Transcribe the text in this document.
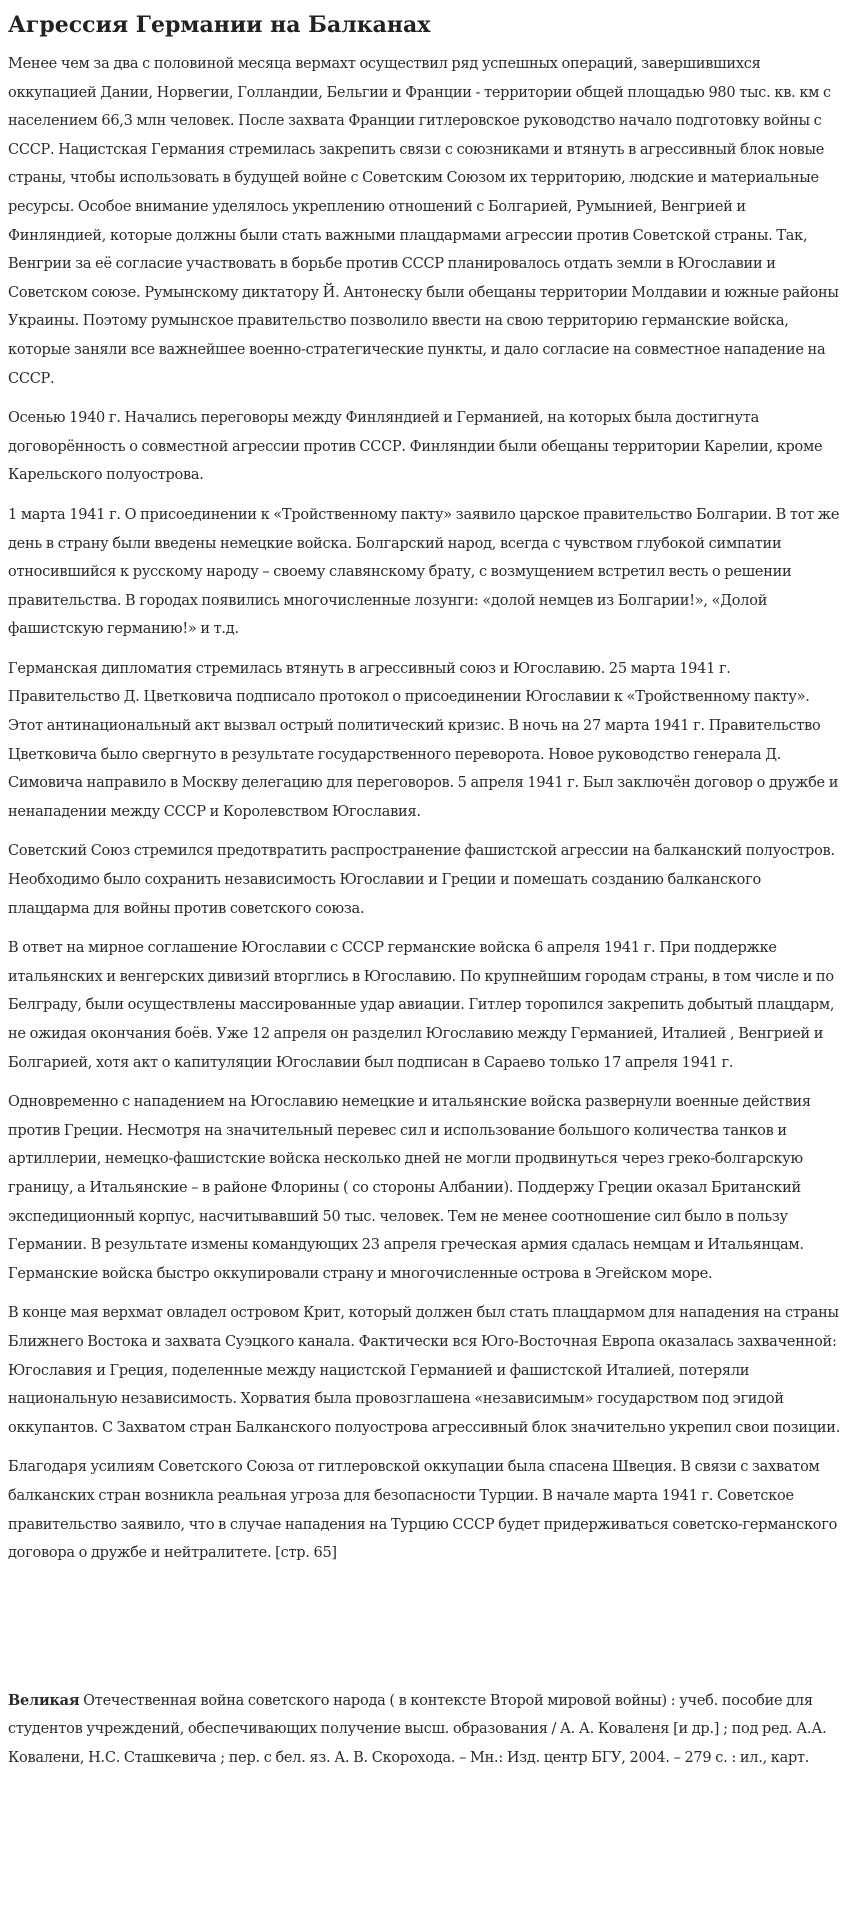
Агрессия Германии на Балканах

Менее чем за два с половиной месяца вермахт осуществил ряд успешных операций, завершившихся оккупацией Дании, Норвегии, Голландии, Бельгии и Франции - территории общей площадью 980 тыс. кв. км с населением 66,3 млн человек. После захвата Франции гитлеровское руководство начало подготовку войны с СССР. Нацистская Германия стремилась закрепить связи с союзниками и втянуть в агрессивный блок новые страны, чтобы использовать в будущей войне с Советским Союзом их территорию, людские и материальные ресурсы. Особое внимание уделялось укреплению отношений с Болгарией, Румынией, Венгрией и Финляндией, которые должны были стать важными плацдармами агрессии против Советской страны. Так, Венгрии за её согласие участвовать в борьбе против СССР планировалось отдать земли в Югославии и Советском союзе. Румынскому диктатору Й. Антонеску были обещаны территории Молдавии и южные районы Украины. Поэтому румынское правительство позволило ввести на свою территорию германские войска, которые заняли все важнейшее военно-стратегические пункты, и дало согласие на совместное нападение на СССР.

Осенью 1940 г. Начались переговоры между Финляндией и Германией, на которых была достигнута договорённость о совместной агрессии против СССР. Финляндии были обещаны территории Карелии, кроме Карельского полуострова.

1 марта 1941 г. О присоединении к «Тройственному пакту» заявило царское правительство Болгарии. В тот же день в страну были введены немецкие войска. Болгарский народ, всегда с чувством глубокой симпатии относившийся к русскому народу – своему славянскому брату, с возмущением встретил весть о решении правительства. В городах появились многочисленные лозунги: «долой немцев из Болгарии!», «Долой фашистскую германию!» и т.д.

Германская дипломатия стремилась втянуть в агрессивный союз и Югославию. 25 марта 1941 г. Правительство Д. Цветковича подписало протокол о присоединении Югославии к «Тройственному пакту». Этот антинациональный акт вызвал острый политический кризис. В ночь на 27 марта 1941 г. Правительство Цветковича было свергнуто в результате государственного переворота. Новое руководство генерала Д. Симовича направило в Москву делегацию для переговоров. 5 апреля 1941 г. Был заключён договор о дружбе и ненападении между СССР и Королевством Югославия.

Советский Союз стремился предотвратить распространение фашистской агрессии на балканский полуостров. Необходимо было сохранить независимость Югославии и Греции и помешать созданию балканского плацдарма для войны против советского союза.

В ответ на мирное соглашение Югославии с СССР германские войска 6 апреля 1941 г. При поддержке итальянских и венгерских дивизий вторглись в Югославию. По крупнейшим городам страны, в том числе и по Белграду, были осуществлены массированные удар авиации. Гитлер торопился закрепить добытый плацдарм, не ожидая окончания боёв. Уже 12 апреля он разделил Югославию между Германией, Италией , Венгрией и Болгарией, хотя акт о капитуляции Югославии был подписан в Сараево только 17 апреля 1941 г.

Одновременно с нападением на Югославию немецкие и итальянские войска развернули военные действия против Греции. Несмотря на значительный перевес сил и использование большого количества танков и артиллерии, немецко-фашистские войска несколько дней не могли продвинуться через греко-болгарскую границу, а Итальянские – в районе Флорины ( со стороны Албании). Поддержу Греции оказал Британский экспедиционный корпус, насчитывавший 50 тыс. человек. Тем не менее соотношение сил было в пользу Германии. В результате измены командующих 23 апреля греческая армия сдалась немцам и Итальянцам. Германские войска быстро оккупировали страну и многочисленные острова в Эгейском море.

В конце мая верхмат овладел островом Крит, который должен был стать плацдармом для нападения на страны Ближнего Востока и захвата Суэцкого канала. Фактически вся Юго-Восточная Европа оказалась захваченной: Югославия и Греция, поделенные между нацистской Германией и фашистской Италией, потеряли национальную независимость. Хорватия была провозглашена «независимым» государством под эгидой оккупантов. С Захватом стран Балканского полуострова агрессивный блок значительно укрепил свои позиции.

Благодаря усилиям Советского Союза от гитлеровской оккупации была спасена Швеция. В связи с захватом балканских стран возникла реальная угроза для безопасности Турции. В начале марта 1941 г. Советское правительство заявило, что в случае нападения на Турцию СССР будет придерживаться советско-германского договора о дружбе и нейтралитете. [стр. 65]

Великая Отечественная война советского народа ( в контексте Второй мировой войны) : учеб. пособие для студентов учреждений, обеспечивающих получение высш. образования / А. А. Коваленя [и др.] ; под ред. А.А. Ковалени, Н.С. Сташкевича ; пер. с бел. яз. А. В. Скорохода. – Мн.: Изд. центр БГУ, 2004. – 279 с. : ил., карт.
